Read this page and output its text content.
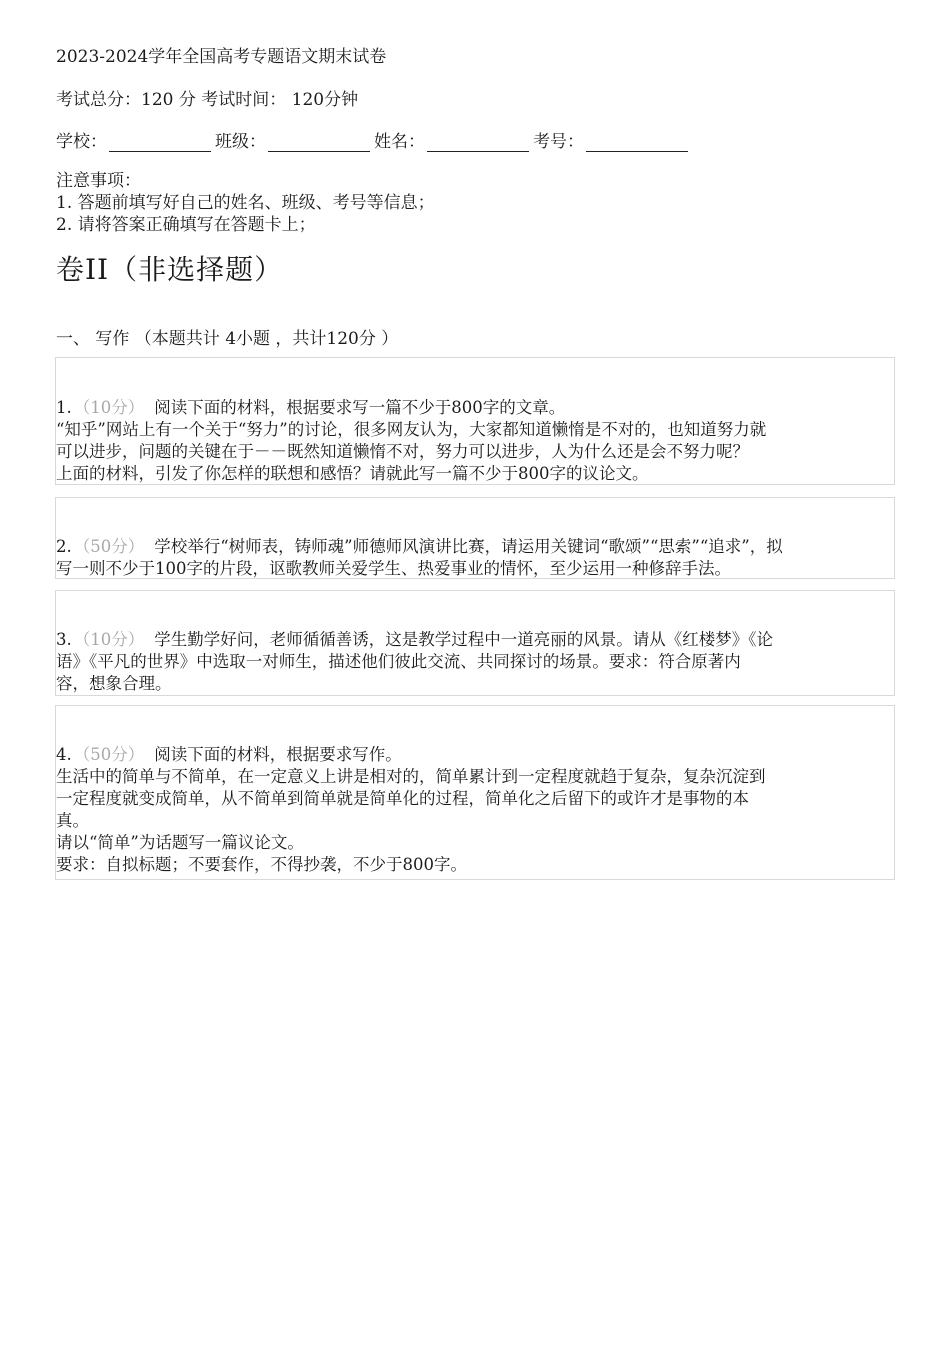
2023-2024学年全国高考专题语文期末试卷
考试总分：120 分 考试时间： 120分钟
学校：	班级：	姓名：	考号：
注意事项：
1. 答题前填写好自己的姓名、班级、考号等信息；
2. 请将答案正确填写在答题卡上；
卷II（非选择题）
一、 写作 （本题共计 4小题 ，共计120分 ）

1. （10分） 阅读下面的材料，根据要求写一篇不少于800字的文章。

“知乎”网站上有一个关于“努力”的讨论，很多网友认为，大家都知道懒惰是不对的，也知道努力就

可以进步，问题的关键在于－－既然知道懒惰不对，努力可以进步，人为什么还是会不努力呢？

上面的材料，引发了你怎样的联想和感悟？请就此写一篇不少于800字的议论文。

2. （50分） 学校举行“树师表，铸师魂”师德师风演讲比赛，请运用关键词“歌颂”“思索”“追求”，拟

写一则不少于100字的片段，讴歌教师关爱学生、热爱事业的情怀，至少运用一种修辞手法。

3. （10分） 学生勤学好问，老师循循善诱，这是教学过程中一道亮丽的风景。请从《红楼梦》《论

语》《平凡的世界》中选取一对师生，描述他们彼此交流、共同探讨的场景。要求：符合原著内

容，想象合理。

4. （50分） 阅读下面的材料，根据要求写作。

生活中的简单与不简单，在一定意义上讲是相对的，简单累计到一定程度就趋于复杂，复杂沉淀到

一定程度就变成简单，从不简单到简单就是简单化的过程，简单化之后留下的或许才是事物的本

真。

请以“简单”为话题写一篇议论文。

要求：自拟标题；不要套作，不得抄袭，不少于800字。
